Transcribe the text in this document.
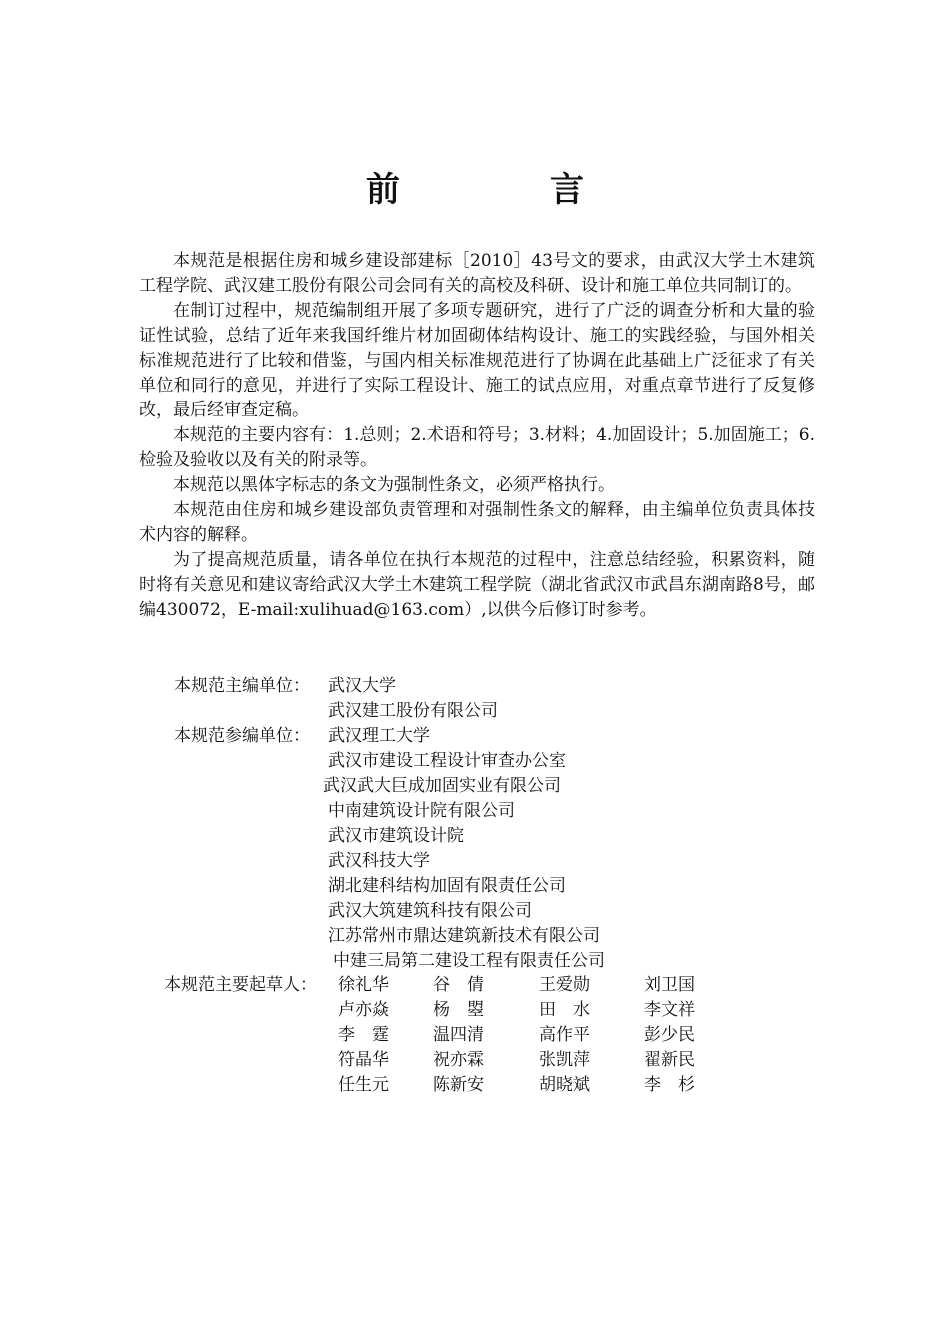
前　言

本规范是根据住房和城乡建设部建标［2010］43号文的要求，由武汉大学土木建筑工程学院、武汉建工股份有限公司会同有关的高校及科研、设计和施工单位共同制订的。

在制订过程中，规范编制组开展了多项专题研究，进行了广泛的调查分析和大量的验证性试验，总结了近年来我国纤维片材加固砌体结构设计、施工的实践经验，与国外相关标准规范进行了比较和借鉴，与国内相关标准规范进行了协调在此基础上广泛征求了有关单位和同行的意见，并进行了实际工程设计、施工的试点应用，对重点章节进行了反复修改，最后经审查定稿。

本规范的主要内容有：1.总则；2.术语和符号；3.材料；4.加固设计；5.加固施工；6.检验及验收以及有关的附录等。

本规范以黑体字标志的条文为强制性条文，必须严格执行。

本规范由住房和城乡建设部负责管理和对强制性条文的解释，由主编单位负责具体技术内容的解释。

为了提高规范质量，请各单位在执行本规范的过程中，注意总结经验，积累资料，随时将有关意见和建议寄给武汉大学土木建筑工程学院（湖北省武汉市武昌东湖南路8号，邮编430072，E-mail:xulihuad@163.com）,以供今后修订时参考。

本规范主编单位： 武汉大学
武汉建工股份有限公司
本规范参编单位： 武汉理工大学
武汉市建设工程设计审查办公室
武汉武大巨成加固实业有限公司
中南建筑设计院有限公司
武汉市建筑设计院
武汉科技大学
湖北建科结构加固有限责任公司
武汉大筑建筑科技有限公司
江苏常州市鼎达建筑新技术有限公司
中建三局第二建设工程有限责任公司
本规范主要起草人： 徐礼华	谷　倩	王爱勋	刘卫国
卢亦焱	杨　曌	田　水	李文祥
李　霆	温四清	高作平	彭少民
符晶华	祝亦霖	张凯萍	翟新民
任生元	陈新安	胡晓斌	李　杉
